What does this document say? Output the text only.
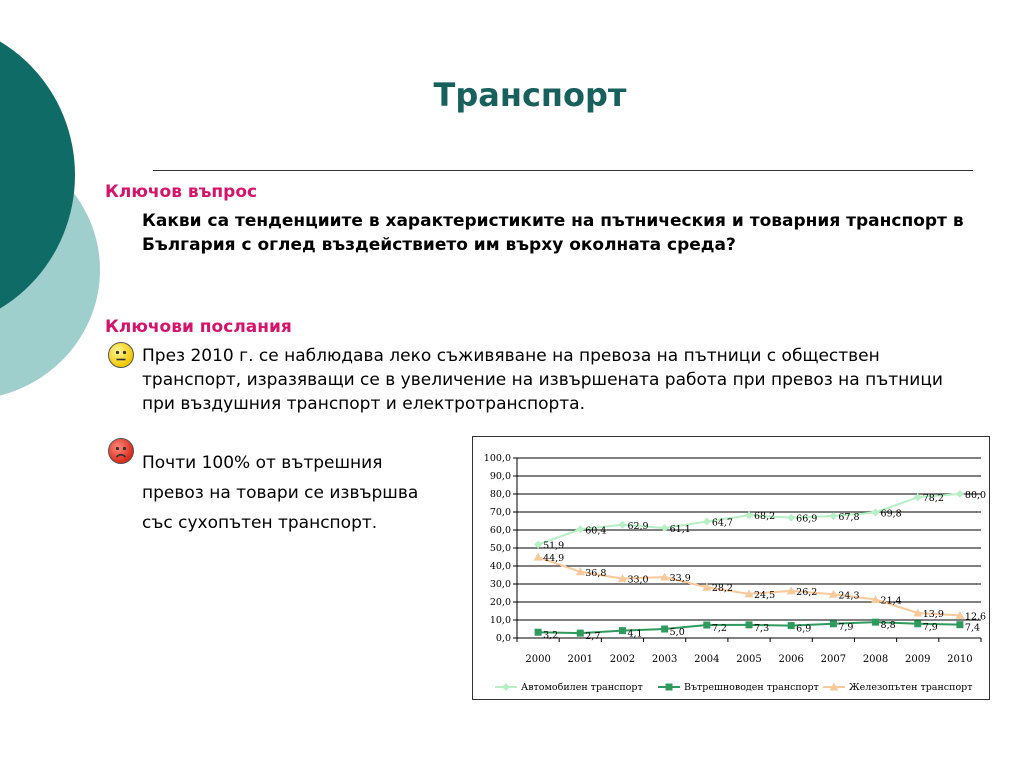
Транспорт
Ключов въпрос
Какви са тенденциите в характеристиките на пътническия и товарния транспорт в България с оглед въздействието им върху околната среда?
Ключови послания
През 2010 г. се наблюдава леко съживяване на превоза на пътници с обществен транспорт, изразяващи се в увеличение на извършената работа при превоз на пътници при въздушния транспорт и електротранспорта.
Почти 100% от вътрешния
превоз на товари се извършва
със сухопътен транспорт.
0,0
10,0
20,0
30,0
40,0
50,0
60,0
70,0
80,0
90,0
100,0
2000 2001 2002 2003 2004 2005 2006 2007 2008 2009 2010
51,9
60,4 62,9 61,1
64,7
68,2 66,9 67,8 69,8
78,2 80,0
3,2	2,7	4,1	5,0	7,2	7,3	6,9	7,9	8,8	7,9	7,4
44,9
36,8
33,0 33,9
28,2
24,5 26,2 24,3 21,4
13,9 12,6
Автомобилен транспорт	Вътрешноводен транспорт	Железопътен транспорт
